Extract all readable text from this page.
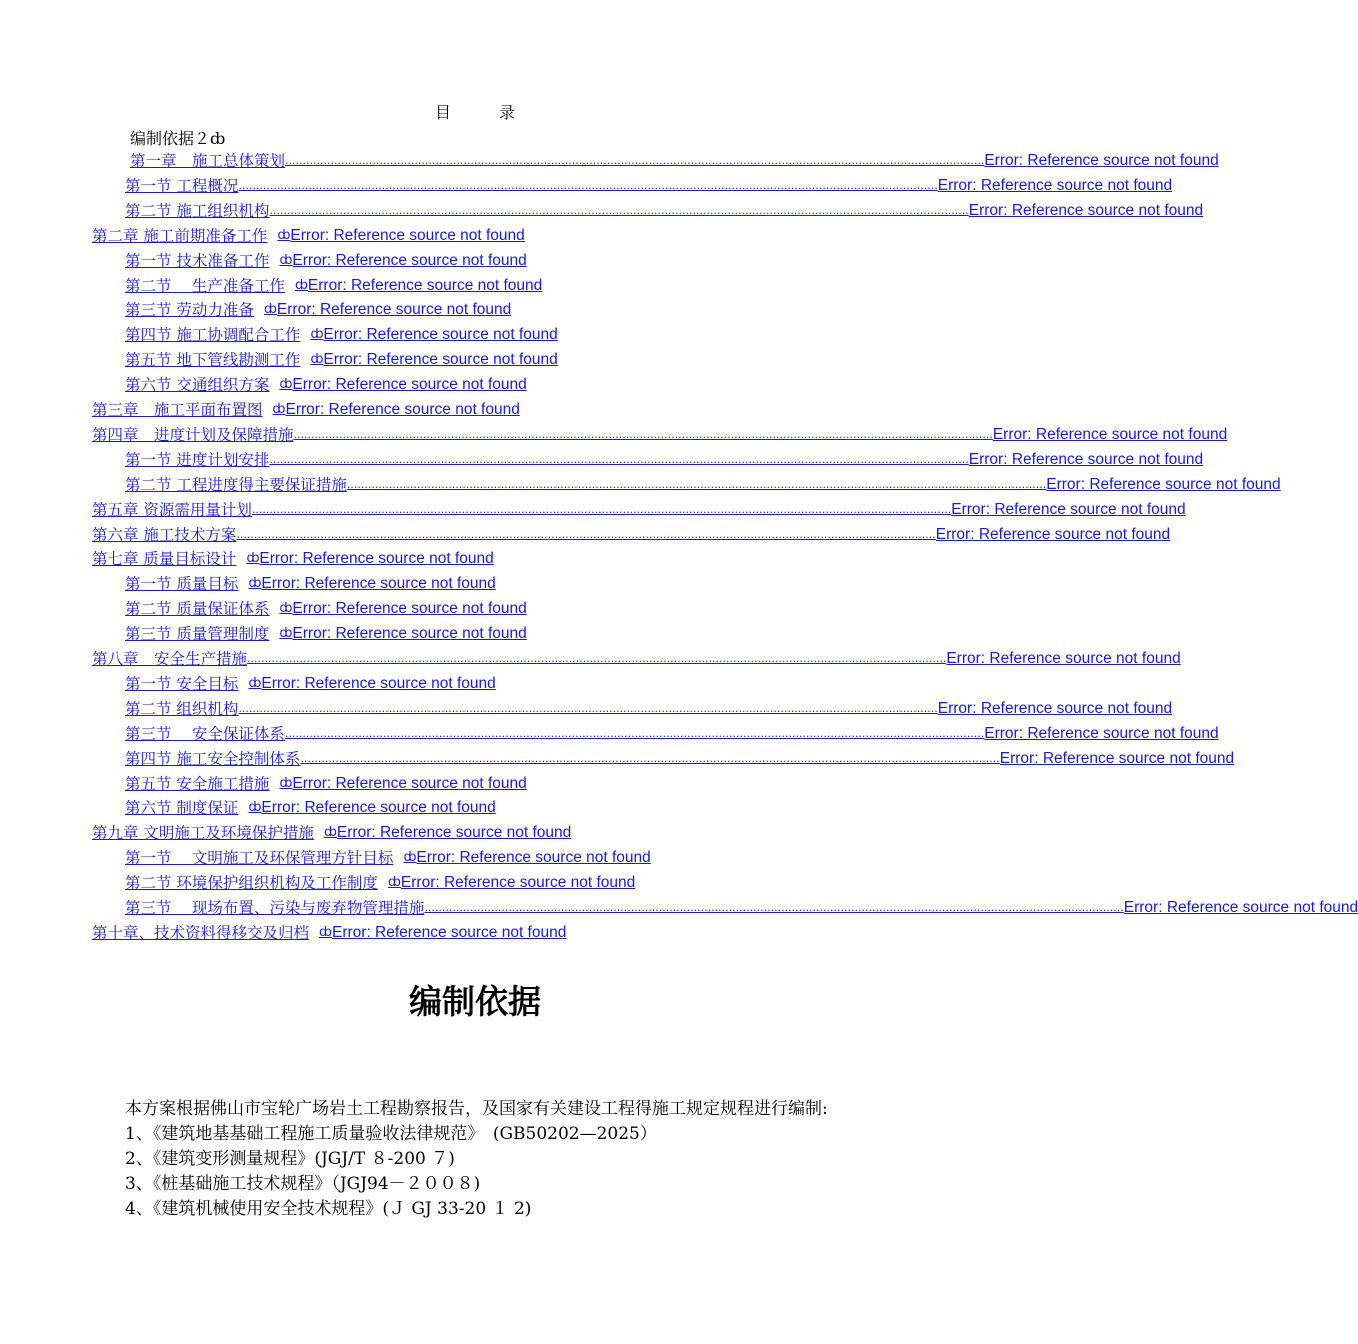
目	录
编制依据２ȸ
第一章　施工总体策划 ........................................................................................................................................................................................................ Error: Reference source not found
第一节 工程概况 ........................................................................................................................................................................................................ Error: Reference source not found
第二节 施工组织机构 ........................................................................................................................................................................................................ Error: Reference source not found
第二章 施工前期准备工作 ȸ Error: Reference source not found
第一节 技术准备工作 ȸ Error: Reference source not found
第二节　 生产准备工作 ȸ Error: Reference source not found
第三节 劳动力准备 ȸ Error: Reference source not found
第四节 施工协调配合工作 ȸ Error: Reference source not found
第五节 地下管线勘测工作 ȸ Error: Reference source not found
第六节 交通组织方案 ȸ Error: Reference source not found
第三章　施工平面布置图 ȸ Error: Reference source not found
第四章　进度计划及保障措施 ........................................................................................................................................................................................................ Error: Reference source not found
第一节 进度计划安排 ........................................................................................................................................................................................................ Error: Reference source not found
第二节 工程进度得主要保证措施 ........................................................................................................................................................................................................ Error: Reference source not found
第五章 资源需用量计划 ........................................................................................................................................................................................................ Error: Reference source not found
第六章 施工技术方案 ........................................................................................................................................................................................................ Error: Reference source not found
第七章 质量目标设计 ȸ Error: Reference source not found
第一节 质量目标 ȸ Error: Reference source not found
第二节 质量保证体系 ȸ Error: Reference source not found
第三节 质量管理制度 ȸ Error: Reference source not found
第八章　安全生产措施 ........................................................................................................................................................................................................ Error: Reference source not found
第一节 安全目标 ȸ Error: Reference source not found
第二节 组织机构 ........................................................................................................................................................................................................ Error: Reference source not found
第三节　 安全保证体系 ........................................................................................................................................................................................................ Error: Reference source not found
第四节 施工安全控制体系 ........................................................................................................................................................................................................ Error: Reference source not found
第五节 安全施工措施 ȸ Error: Reference source not found
第六节 制度保证 ȸ Error: Reference source not found
第九章 文明施工及环境保护措施 ȸ Error: Reference source not found
第一节　 文明施工及环保管理方针目标 ȸ Error: Reference source not found
第二节 环境保护组织机构及工作制度 ȸ Error: Reference source not found
第三节　 现场布置、污染与废弃物管理措施 ........................................................................................................................................................................................................ Error: Reference source not found
第十章、技术资料得移交及归档 ȸ Error: Reference source not found
编制依据

本方案根据佛山市宝轮广场岩土工程勘察报告，及国家有关建设工程得施工规定规程进行编制:

1、《建筑地基基础工程施工质量验收法律规范》　(GB50202—2025）
2、《建筑变形测量规程》(JGJ/T ８-200 ７)
3、《桩基础施工技术规程》（JGJ94－２００８)
4、《建筑机械使用安全技术规程》(Ｊ GJ 33-20 １ 2)
